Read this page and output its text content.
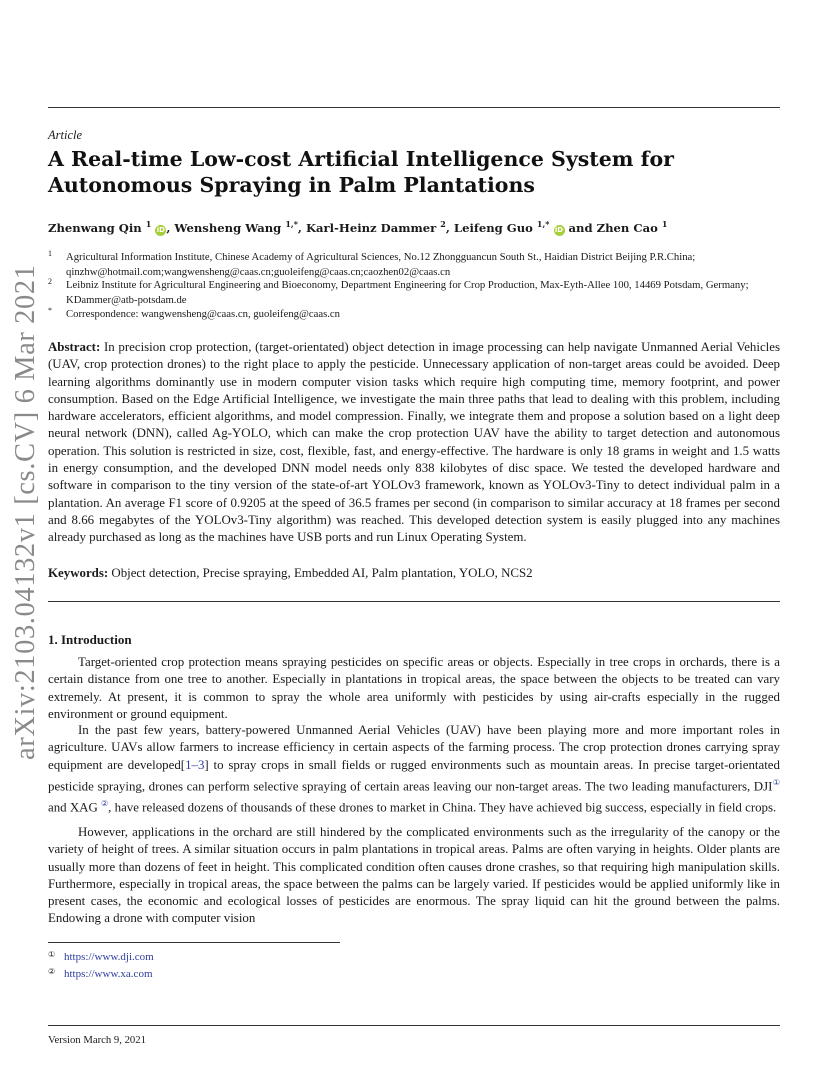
arXiv:2103.04132v1 [cs.CV] 6 Mar 2021
Article
A Real-time Low-cost Artificial Intelligence System for Autonomous Spraying in Palm Plantations
Zhenwang Qin $^1$ iD, Wensheng Wang $^{1,*}$, Karl-Heinz Dammer $^2$, Leifeng Guo $^{1,*}$ iD and Zhen Cao $^1$
1 Agricultural Information Institute, Chinese Academy of Agricultural Sciences, No.12 Zhongguancun South St., Haidian District Beijing P.R.China; qinzhw@hotmail.com;wangwensheng@caas.cn;guoleifeng@caas.cn;caozhen02@caas.cn
2 Leibniz Institute for Agricultural Engineering and Bioeconomy, Department Engineering for Crop Production, Max-Eyth-Allee 100, 14469 Potsdam, Germany; KDammer@atb-potsdam.de
* Correspondence: wangwensheng@caas.cn, guoleifeng@caas.cn

Abstract: In precision crop protection, (target-orientated) object detection in image processing can help navigate Unmanned Aerial Vehicles (UAV, crop protection drones) to the right place to apply the pesticide. Unnecessary application of non-target areas could be avoided. Deep learning algorithms dominantly use in modern computer vision tasks which require high computing time, memory footprint, and power consumption. Based on the Edge Artificial Intelligence, we investigate the main three paths that lead to dealing with this problem, including hardware accelerators, efficient algorithms, and model compression. Finally, we integrate them and propose a solution based on a light deep neural network (DNN), called Ag-YOLO, which can make the crop protection UAV have the ability to target detection and autonomous operation. This solution is restricted in size, cost, flexible, fast, and energy-effective. The hardware is only 18 grams in weight and 1.5 watts in energy consumption, and the developed DNN model needs only 838 kilobytes of disc space. We tested the developed hardware and software in comparison to the tiny version of the state-of-art YOLOv3 framework, known as YOLOv3-Tiny to detect individual palm in a plantation. An average F1 score of 0.9205 at the speed of 36.5 frames per second (in comparison to similar accuracy at 18 frames per second and 8.66 megabytes of the YOLOv3-Tiny algorithm) was reached. This developed detection system is easily plugged into any machines already purchased as long as the machines have USB ports and run Linux Operating System.

Keywords: Object detection, Precise spraying, Embedded AI, Palm plantation, YOLO, NCS2
1. Introduction

Target-oriented crop protection means spraying pesticides on specific areas or objects. Especially in tree crops in orchards, there is a certain distance from one tree to another. Especially in plantations in tropical areas, the space between the objects to be treated can vary extremely. At present, it is common to spray the whole area uniformly with pesticides by using air-crafts especially in the rugged environment or ground equipment.

In the past few years, battery-powered Unmanned Aerial Vehicles (UAV) have been playing more and more important roles in agriculture. UAVs allow farmers to increase efficiency in certain aspects of the farming process. The crop protection drones carrying spray equipment are developed[1–3] to spray crops in small fields or rugged environments such as mountain areas. In precise target-orientated pesticide spraying, drones can perform selective spraying of certain areas leaving our non-target areas. The two leading manufacturers, DJI① and XAG ②, have released dozens of thousands of these drones to market in China. They have achieved big success, especially in field crops.

However, applications in the orchard are still hindered by the complicated environments such as the irregularity of the canopy or the variety of height of trees. A similar situation occurs in palm plantations in tropical areas. Palms are often varying in heights. Older plants are usually more than dozens of feet in height. This complicated condition often causes drone crashes, so that requiring high manipulation skills. Furthermore, especially in tropical areas, the space between the palms can be largely varied. If pesticides would be applied uniformly like in present cases, the economic and ecological losses of pesticides are enormous. The spray liquid can hit the ground between the palms. Endowing a drone with computer vision

① https://www.dji.com
② https://www.xa.com
Version March 9, 2021
